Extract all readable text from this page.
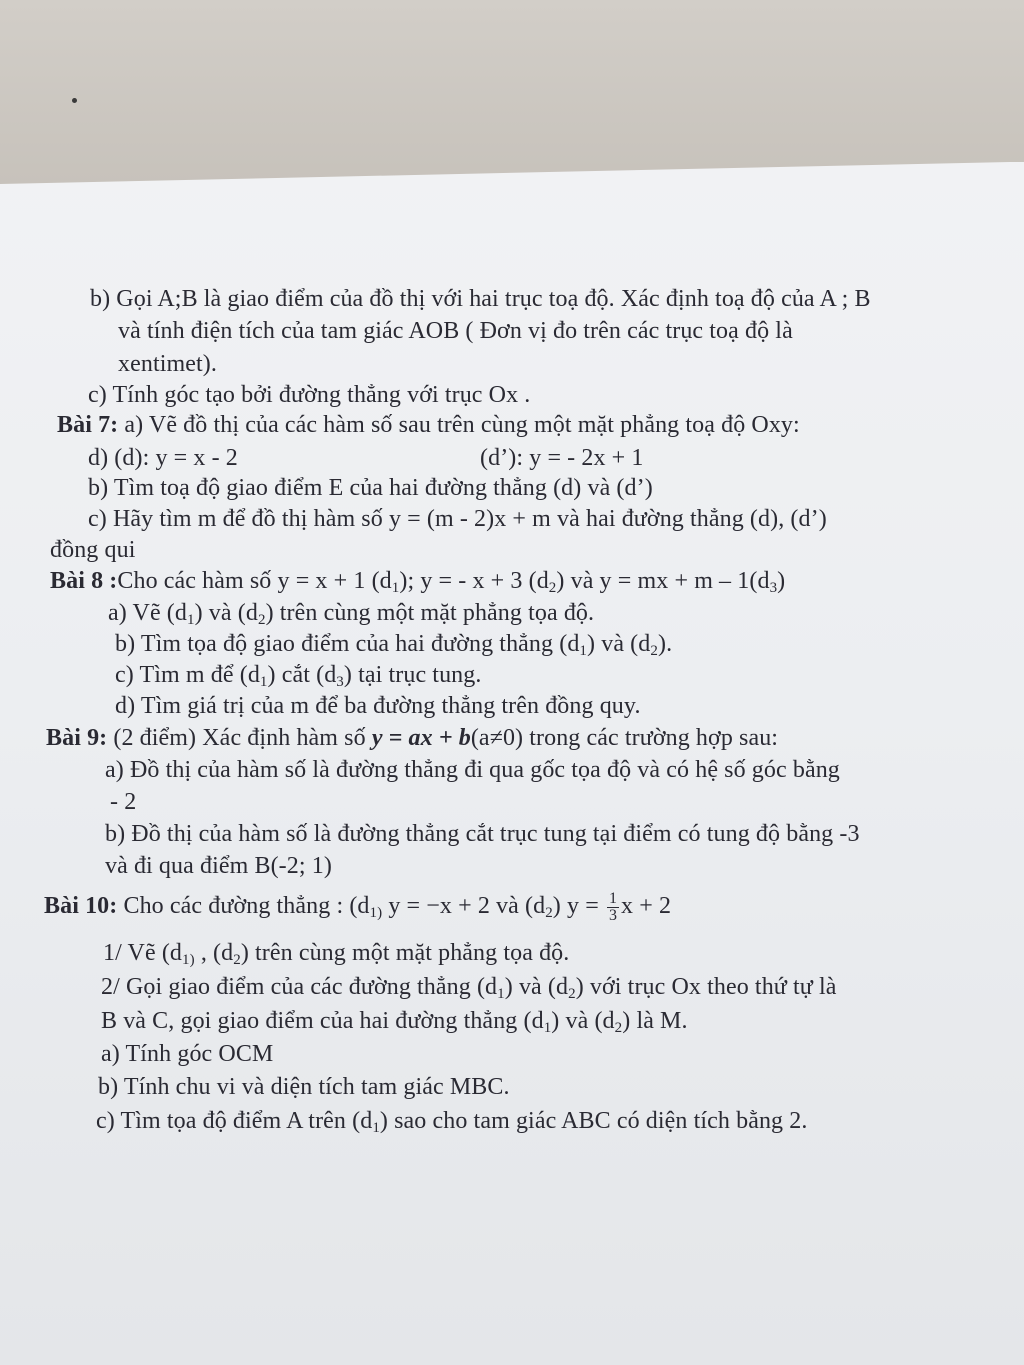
b) Gọi A;B là giao điểm của đồ thị với hai trục toạ độ. Xác định toạ độ của A ; B
và tính điện tích của tam giác AOB ( Đơn vị đo trên các trục toạ độ là
xentimet).
c) Tính góc tạo bởi đường thẳng với trục Ox .
Bài 7: a) Vẽ đồ thị của các hàm số sau trên cùng một mặt phẳng toạ độ Oxy:
d) (d): y = x - 2	(d’): y = - 2x + 1
b) Tìm toạ độ giao điểm E của hai đường thẳng (d) và (d’)
c) Hãy tìm m để đồ thị hàm số y = (m - 2)x + m và hai đường thẳng (d), (d’)
đồng qui
Bài 8 :Cho các hàm số y = x + 1 $(d_1)$; y = - x + 3 $(d_2)$ và y = mx + m – $1(d_3)$
a) Vẽ $(d_1)$ và $(d_2)$ trên cùng một mặt phẳng tọa độ.
b) Tìm tọa độ giao điểm của hai đường thẳng $(d_1)$ và $(d_2)$.
c) Tìm m để $(d_1)$ cắt $(d_3)$ tại trục tung.
d) Tìm giá trị của m để ba đường thẳng trên đồng quy.
Bài 9: (2 điểm) Xác định hàm số y = ax + b(a≠0) trong các trường hợp sau:
a) Đồ thị của hàm số là đường thẳng đi qua gốc tọa độ và có hệ số góc bằng
- 2
b) Đồ thị của hàm số là đường thẳng cắt trục tung tại điểm có tung độ bằng -3
và đi qua điểm B(-2; 1)
Bài 10: Cho các đường thẳng : ($d_{1)}$ y = −x + 2 và $(d_2) y = \frac{1}{3}$ x + 2
1/ Vẽ ($d_{1)}$ , $(d_2)$ trên cùng một mặt phẳng tọa độ.
2/ Gọi giao điểm của các đường thẳng $(d_1)$ và $(d_2)$ với trục Ox theo thứ tự là
B và C, gọi giao điểm của hai đường thẳng $(d_1)$ và $(d_2)$ là M.
a) Tính góc OCM
b) Tính chu vi và diện tích tam giác MBC.
c) Tìm tọa độ điểm A trên $(d_1)$ sao cho tam giác ABC có diện tích bằng 2.
